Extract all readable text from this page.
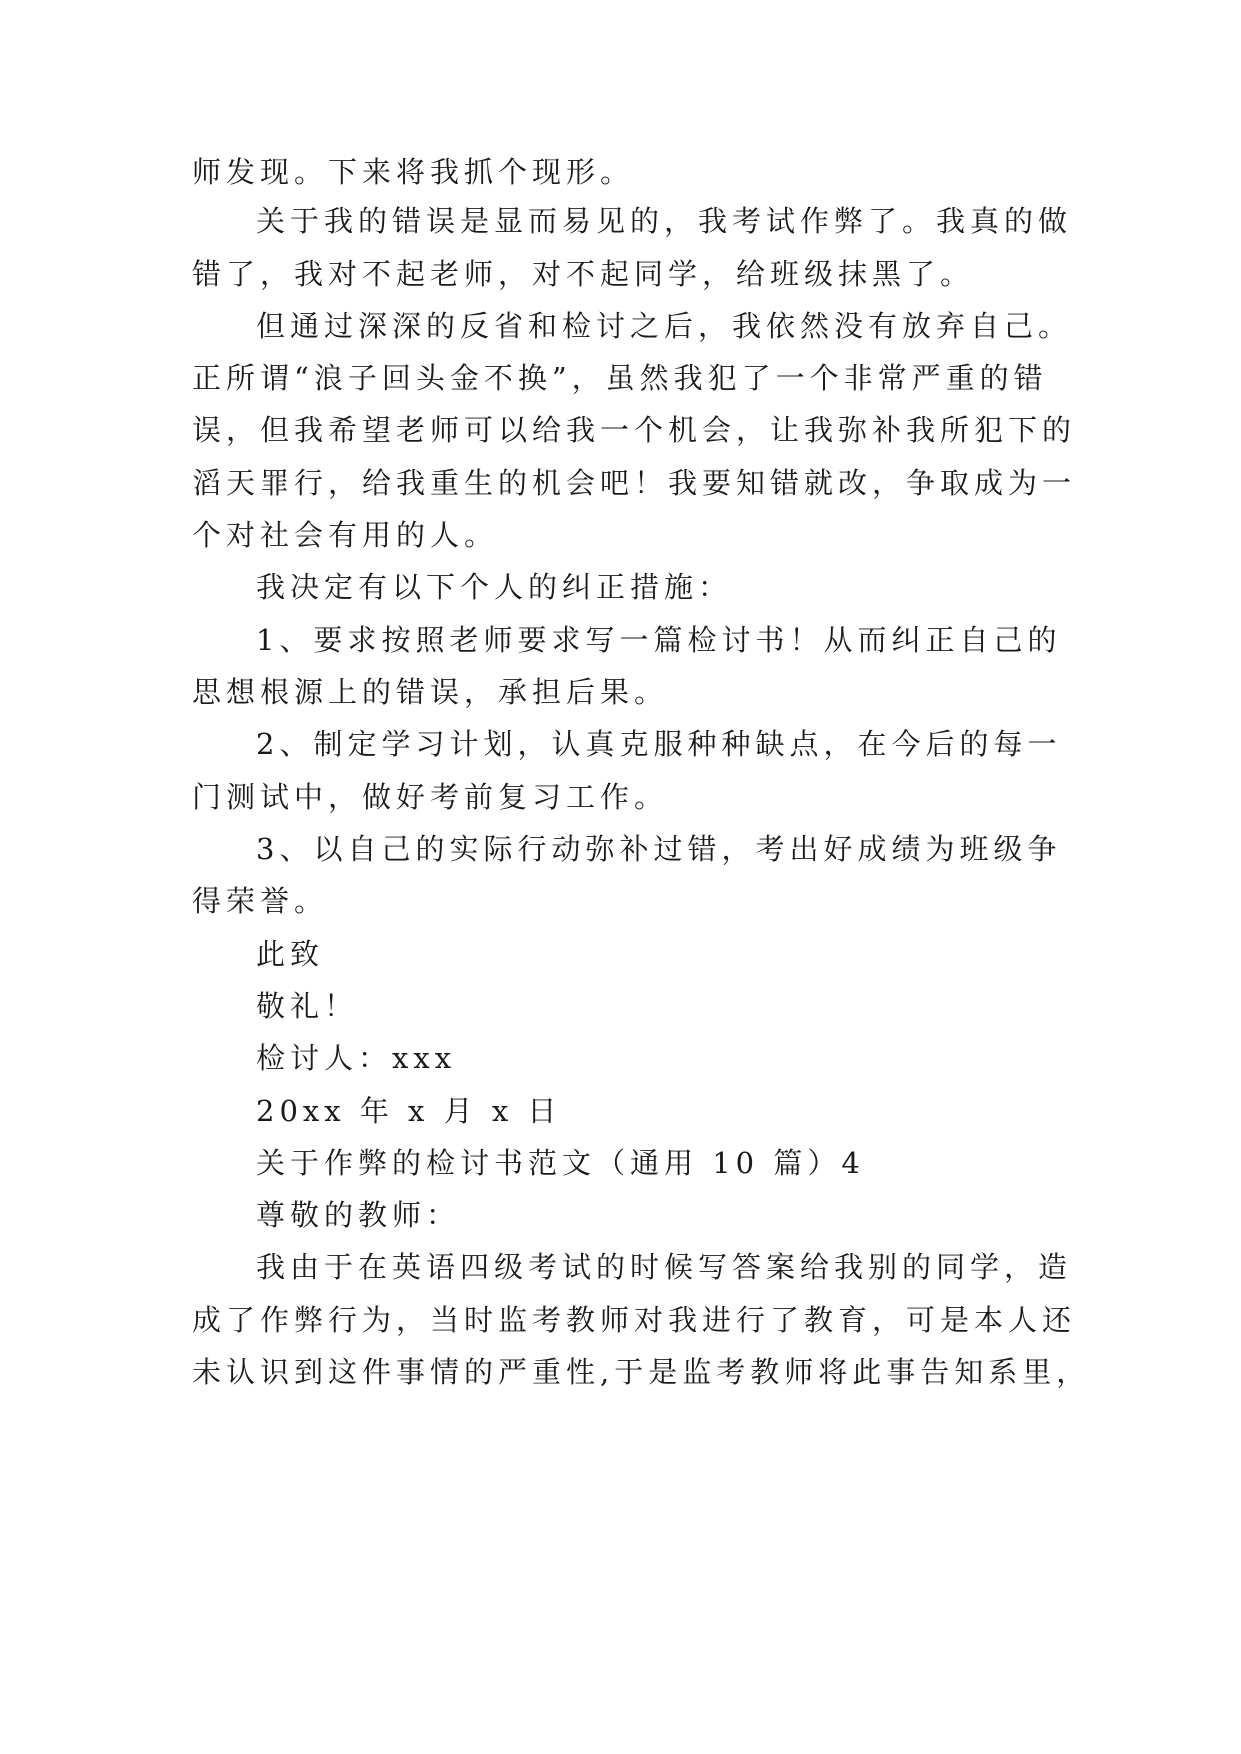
师发现。下来将我抓个现形。
关于我的错误是显而易见的，我考试作弊了。我真的做
错了，我对不起老师，对不起同学，给班级抹黑了。
但通过深深的反省和检讨之后，我依然没有放弃自己。
正所谓“浪子回头金不换”，虽然我犯了一个非常严重的错
误，但我希望老师可以给我一个机会，让我弥补我所犯下的
滔天罪行，给我重生的机会吧！我要知错就改，争取成为一
个对社会有用的人。
我决定有以下个人的纠正措施：
1、要求按照老师要求写一篇检讨书！从而纠正自己的
思想根源上的错误，承担后果。
2、制定学习计划，认真克服种种缺点，在今后的每一
门测试中，做好考前复习工作。
3、以自己的实际行动弥补过错，考出好成绩为班级争
得荣誉。
此致
敬礼！
检讨人：xxx
20xx 年 x 月 x 日
关于作弊的检讨书范文（通用 10 篇）4
尊敬的教师：
我由于在英语四级考试的时候写答案给我别的同学，造
成了作弊行为，当时监考教师对我进行了教育，可是本人还
未认识到这件事情的严重性,于是监考教师将此事告知系里，
